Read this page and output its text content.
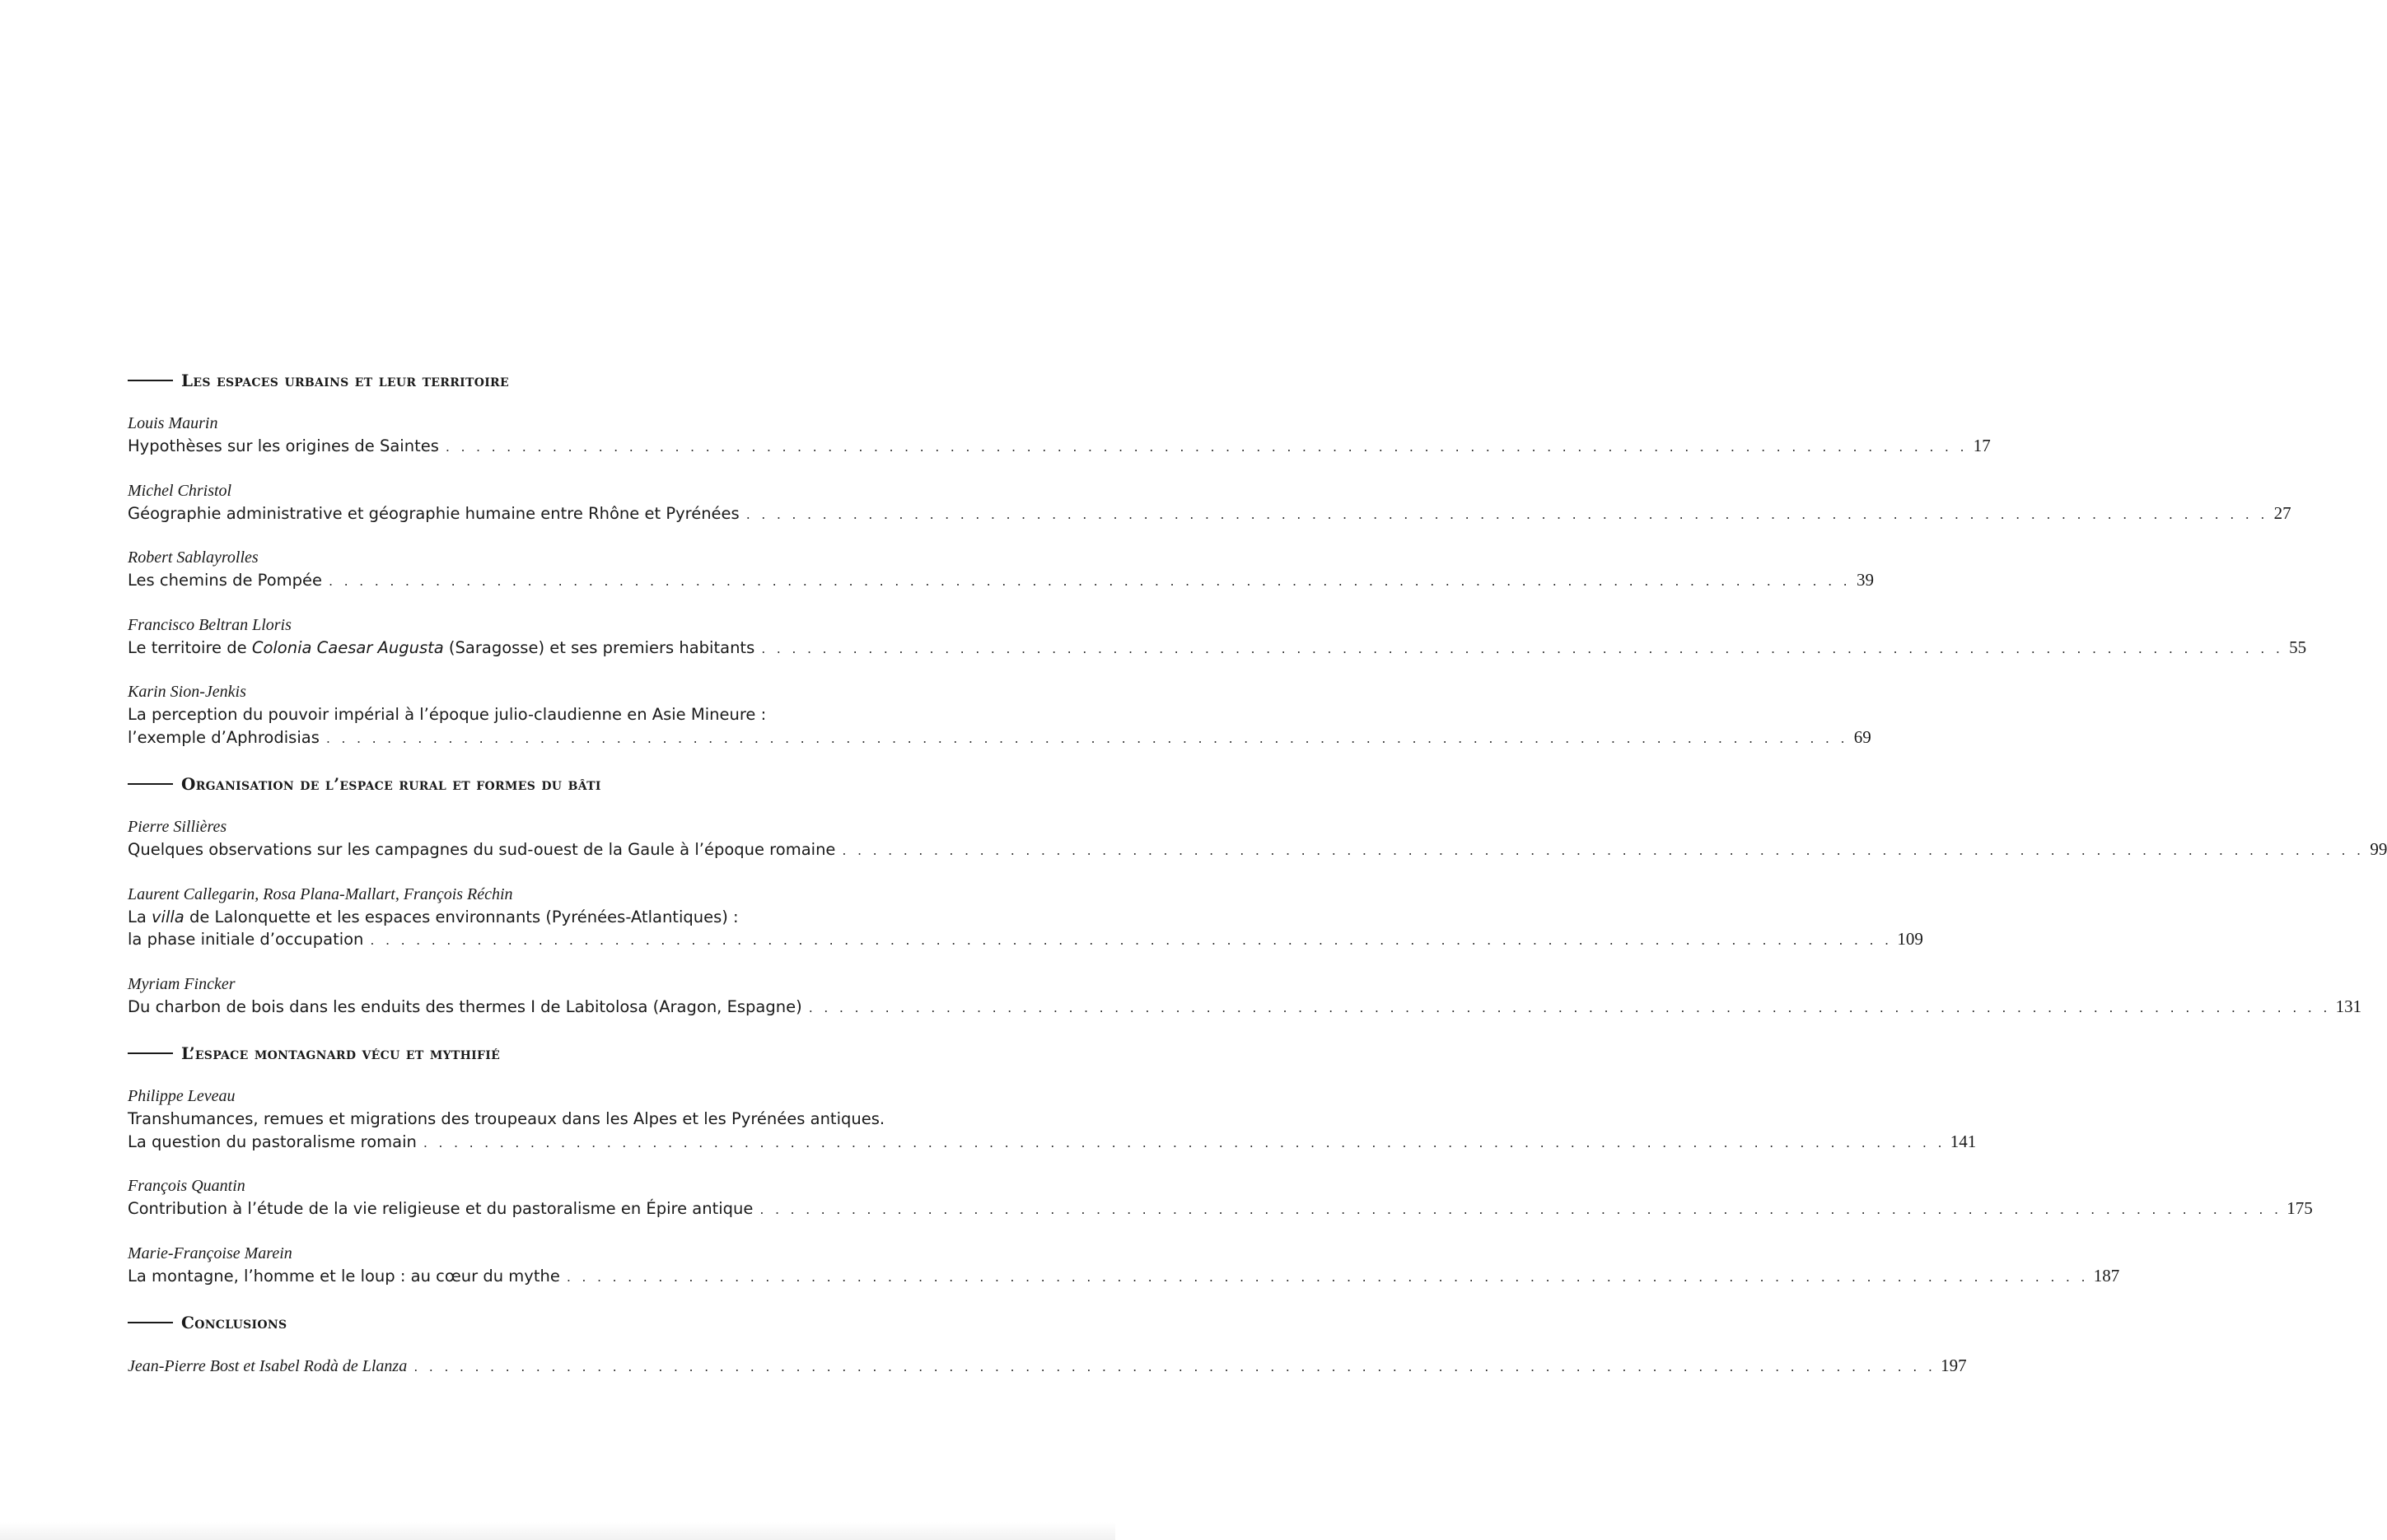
Les espaces urbains et leur territoire
Louis Maurin
Hypothèses sur les origines de Saintes . . . . . . . . . . . . . . . . . . . . . . . . . . . . . . . . . . . . . . . . . . . . . . . . . . . . . . . . . . . . . . . . . . . . . . . . . . . . . . . . . . . . . . . . . . . . . . . . . . . . 17
Michel Christol
Géographie administrative et géographie humaine entre Rhône et Pyrénées . . . . . . . . . . . . . . . . . . . . . . . . . . . . . . . . . . . . . . . . . . . . . . . . . . . . . . . . . . . . . . . . . . . . . . . . . . . . . . . . . . . . . . . . . . . . . . . . . . . . 27
Robert Sablayrolles
Les chemins de Pompée . . . . . . . . . . . . . . . . . . . . . . . . . . . . . . . . . . . . . . . . . . . . . . . . . . . . . . . . . . . . . . . . . . . . . . . . . . . . . . . . . . . . . . . . . . . . . . . . . . . . 39
Francisco Beltran Lloris
Le territoire de Colonia Caesar Augusta (Saragosse) et ses premiers habitants . . . . . . . . . . . . . . . . . . . . . . . . . . . . . . . . . . . . . . . . . . . . . . . . . . . . . . . . . . . . . . . . . . . . . . . . . . . . . . . . . . . . . . . . . . . . . . . . . . . . 55
Karin Sion-Jenkis
La perception du pouvoir impérial à l’époque julio-claudienne en Asie Mineure :
l’exemple d’Aphrodisias . . . . . . . . . . . . . . . . . . . . . . . . . . . . . . . . . . . . . . . . . . . . . . . . . . . . . . . . . . . . . . . . . . . . . . . . . . . . . . . . . . . . . . . . . . . . . . . . . . . . 69
Organisation de l’espace rural et formes du bâti
Pierre Sillières
Quelques observations sur les campagnes du sud-ouest de la Gaule à l’époque romaine . . . . . . . . . . . . . . . . . . . . . . . . . . . . . . . . . . . . . . . . . . . . . . . . . . . . . . . . . . . . . . . . . . . . . . . . . . . . . . . . . . . . . . . . . . . . . . . . . . . . 99
Laurent Callegarin, Rosa Plana-Mallart, François Réchin
La villa de Lalonquette et les espaces environnants (Pyrénées-Atlantiques) :
la phase initiale d’occupation . . . . . . . . . . . . . . . . . . . . . . . . . . . . . . . . . . . . . . . . . . . . . . . . . . . . . . . . . . . . . . . . . . . . . . . . . . . . . . . . . . . . . . . . . . . . . . . . . . . . 109
Myriam Fincker
Du charbon de bois dans les enduits des thermes I de Labitolosa (Aragon, Espagne) . . . . . . . . . . . . . . . . . . . . . . . . . . . . . . . . . . . . . . . . . . . . . . . . . . . . . . . . . . . . . . . . . . . . . . . . . . . . . . . . . . . . . . . . . . . . . . . . . . . . 131
L’espace montagnard vécu et mythifié
Philippe Leveau
Transhumances, remues et migrations des troupeaux dans les Alpes et les Pyrénées antiques.
La question du pastoralisme romain . . . . . . . . . . . . . . . . . . . . . . . . . . . . . . . . . . . . . . . . . . . . . . . . . . . . . . . . . . . . . . . . . . . . . . . . . . . . . . . . . . . . . . . . . . . . . . . . . . . . 141
François Quantin
Contribution à l’étude de la vie religieuse et du pastoralisme en Épire antique . . . . . . . . . . . . . . . . . . . . . . . . . . . . . . . . . . . . . . . . . . . . . . . . . . . . . . . . . . . . . . . . . . . . . . . . . . . . . . . . . . . . . . . . . . . . . . . . . . . . 175
Marie-Françoise Marein
La montagne, l’homme et le loup : au cœur du mythe . . . . . . . . . . . . . . . . . . . . . . . . . . . . . . . . . . . . . . . . . . . . . . . . . . . . . . . . . . . . . . . . . . . . . . . . . . . . . . . . . . . . . . . . . . . . . . . . . . . . 187
Conclusions
Jean-Pierre Bost et Isabel Rodà de Llanza . . . . . . . . . . . . . . . . . . . . . . . . . . . . . . . . . . . . . . . . . . . . . . . . . . . . . . . . . . . . . . . . . . . . . . . . . . . . . . . . . . . . . . . . . . . . . . . . . . . . 197
